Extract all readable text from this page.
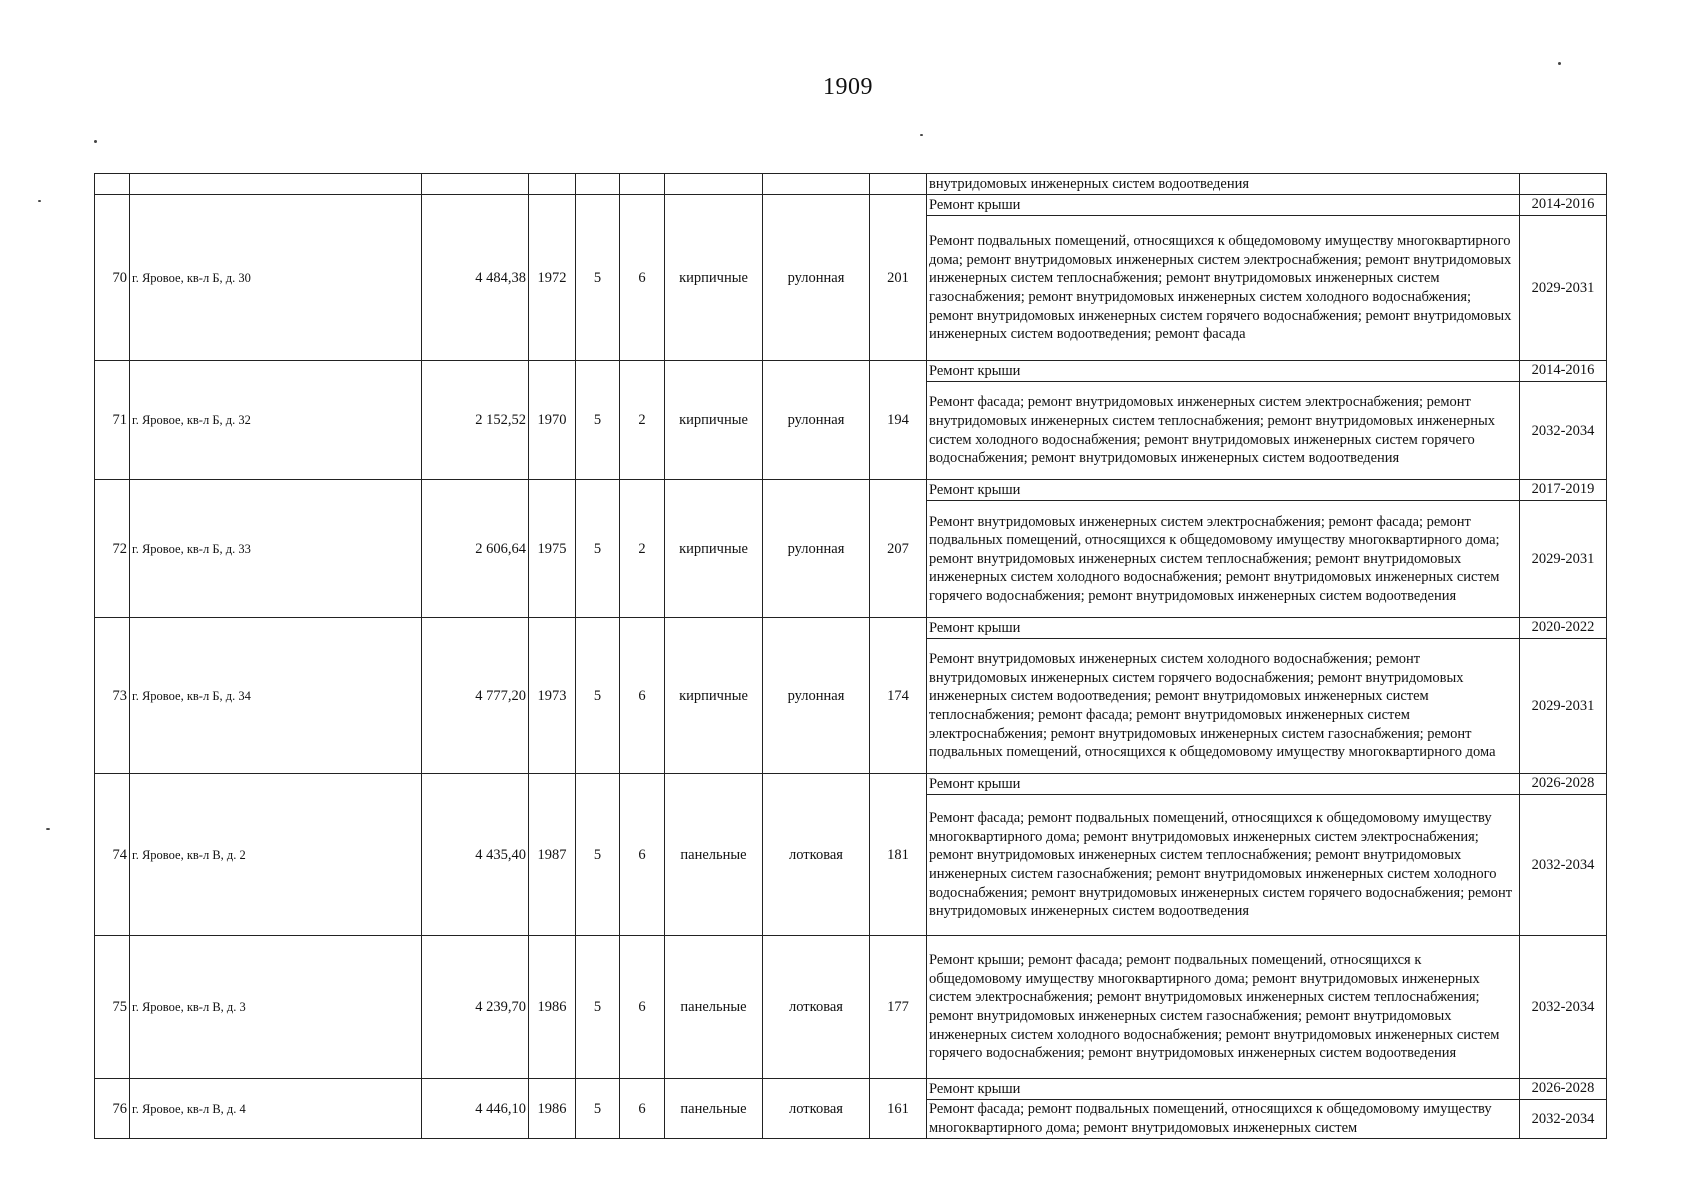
1909
									внутридомовых инженерных систем водоотведения	
70	г. Яровое, кв-л Б, д. 30	4 484,38	1972	5	6	кирпичные	рулонная	201	Ремонт крыши	2014-2016
									Ремонт подвальных помещений, относящихся к общедомовому имуществу многоквартирного дома; ремонт внутридомовых инженерных систем электроснабжения; ремонт внутридомовых инженерных систем теплоснабжения; ремонт внутридомовых инженерных систем газоснабжения; ремонт внутридомовых инженерных систем холодного водоснабжения; ремонт внутридомовых инженерных систем горячего водоснабжения; ремонт внутридомовых инженерных систем водоотведения; ремонт фасада	2029-2031
71	г. Яровое, кв-л Б, д. 32	2 152,52	1970	5	2	кирпичные	рулонная	194	Ремонт крыши	2014-2016
									Ремонт фасада; ремонт внутридомовых инженерных систем электроснабжения; ремонт внутридомовых инженерных систем теплоснабжения; ремонт внутридомовых инженерных систем холодного водоснабжения; ремонт внутридомовых инженерных систем горячего водоснабжения; ремонт внутридомовых инженерных систем водоотведения	2032-2034
72	г. Яровое, кв-л Б, д. 33	2 606,64	1975	5	2	кирпичные	рулонная	207	Ремонт крыши	2017-2019
									Ремонт внутридомовых инженерных систем электроснабжения; ремонт фасада; ремонт подвальных помещений, относящихся к общедомовому имуществу многоквартирного дома; ремонт внутридомовых инженерных систем теплоснабжения; ремонт внутридомовых инженерных систем холодного водоснабжения; ремонт внутридомовых инженерных систем горячего водоснабжения; ремонт внутридомовых инженерных систем водоотведения	2029-2031
73	г. Яровое, кв-л Б, д. 34	4 777,20	1973	5	6	кирпичные	рулонная	174	Ремонт крыши	2020-2022
									Ремонт внутридомовых инженерных систем холодного водоснабжения; ремонт внутридомовых инженерных систем горячего водоснабжения; ремонт внутридомовых инженерных систем водоотведения; ремонт внутридомовых инженерных систем теплоснабжения; ремонт фасада; ремонт внутридомовых инженерных систем электроснабжения; ремонт внутридомовых инженерных систем газоснабжения; ремонт подвальных помещений, относящихся к общедомовому имуществу многоквартирного дома	2029-2031
74	г. Яровое, кв-л В, д. 2	4 435,40	1987	5	6	панельные	лотковая	181	Ремонт крыши	2026-2028
									Ремонт фасада; ремонт подвальных помещений, относящихся к общедомовому имуществу многоквартирного дома; ремонт внутридомовых инженерных систем электроснабжения; ремонт внутридомовых инженерных систем теплоснабжения; ремонт внутридомовых инженерных систем газоснабжения; ремонт внутридомовых инженерных систем холодного водоснабжения; ремонт внутридомовых инженерных систем горячего водоснабжения; ремонт внутридомовых инженерных систем водоотведения	2032-2034
75	г. Яровое, кв-л В, д. 3	4 239,70	1986	5	6	панельные	лотковая	177	Ремонт крыши; ремонт фасада; ремонт подвальных помещений, относящихся к общедомовому имуществу многоквартирного дома; ремонт внутридомовых инженерных систем электроснабжения; ремонт внутридомовых инженерных систем теплоснабжения; ремонт внутридомовых инженерных систем газоснабжения; ремонт внутридомовых инженерных систем холодного водоснабжения; ремонт внутридомовых инженерных систем горячего водоснабжения; ремонт внутридомовых инженерных систем водоотведения	2032-2034
76	г. Яровое, кв-л В, д. 4	4 446,10	1986	5	6	панельные	лотковая	161	Ремонт крыши	2026-2028
									Ремонт фасада; ремонт подвальных помещений, относящихся к общедомовому имуществу многоквартирного дома; ремонт внутридомовых инженерных систем	2032-2034
